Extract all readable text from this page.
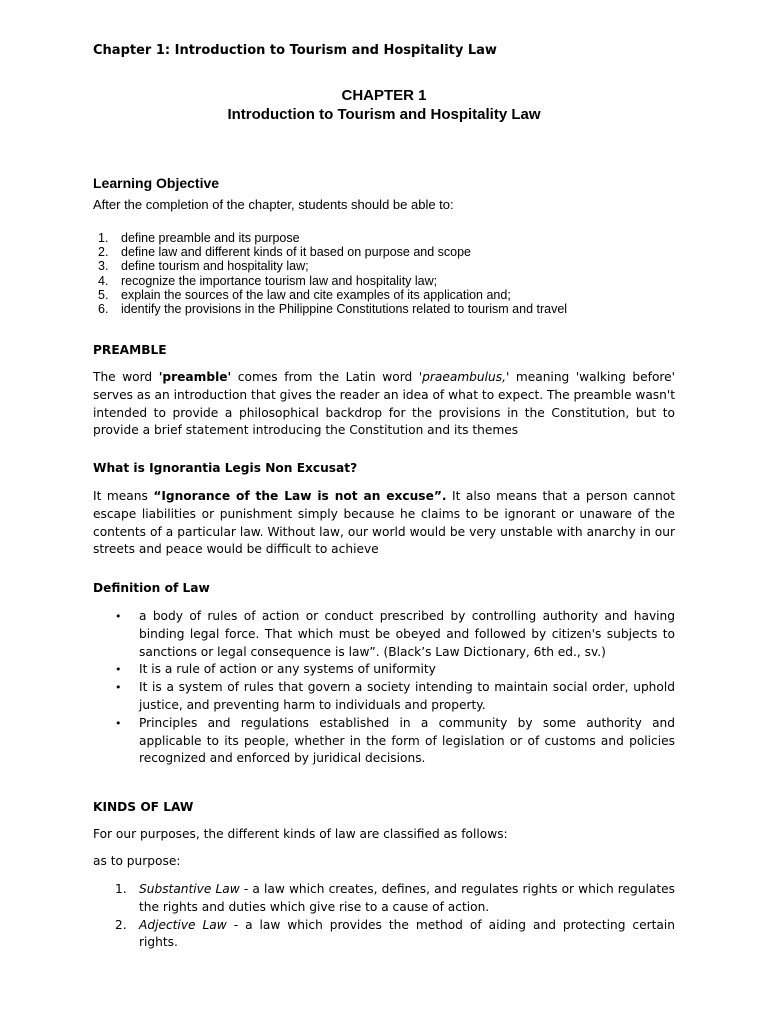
Chapter 1: Introduction to Tourism and Hospitality Law
CHAPTER 1
Introduction to Tourism and Hospitality Law
Learning Objective
After the completion of the chapter, students should be able to:
1. define preamble and its purpose
2. define law and different kinds of it based on purpose and scope
3. define tourism and hospitality law;
4. recognize the importance tourism law and hospitality law;
5. explain the sources of the law and cite examples of its application and;
6. identify the provisions in the Philippine Constitutions related to tourism and travel
PREAMBLE
The word 'preamble' comes from the Latin word 'praeambulus,' meaning 'walking before' serves as an introduction that gives the reader an idea of what to expect. The preamble wasn't intended to provide a philosophical backdrop for the provisions in the Constitution, but to provide a brief statement introducing the Constitution and its themes
What is Ignorantia Legis Non Excusat?
It means “Ignorance of the Law is not an excuse”. It also means that a person cannot escape liabilities or punishment simply because he claims to be ignorant or unaware of the contents of a particular law. Without law, our world would be very unstable with anarchy in our streets and peace would be difficult to achieve
Definition of Law
• a body of rules of action or conduct prescribed by controlling authority and having binding legal force. That which must be obeyed and followed by citizen's subjects to sanctions or legal consequence is law”. (Black’s Law Dictionary, 6th ed., sv.)
• It is a rule of action or any systems of uniformity
• It is a system of rules that govern a society intending to maintain social order, uphold justice, and preventing harm to individuals and property.
• Principles and regulations established in a community by some authority and applicable to its people, whether in the form of legislation or of customs and policies recognized and enforced by juridical decisions.
KINDS OF LAW
For our purposes, the different kinds of law are classified as follows:
as to purpose:
1. Substantive Law - a law which creates, defines, and regulates rights or which regulates the rights and duties which give rise to a cause of action.
2. Adjective Law - a law which provides the method of aiding and protecting certain rights.
